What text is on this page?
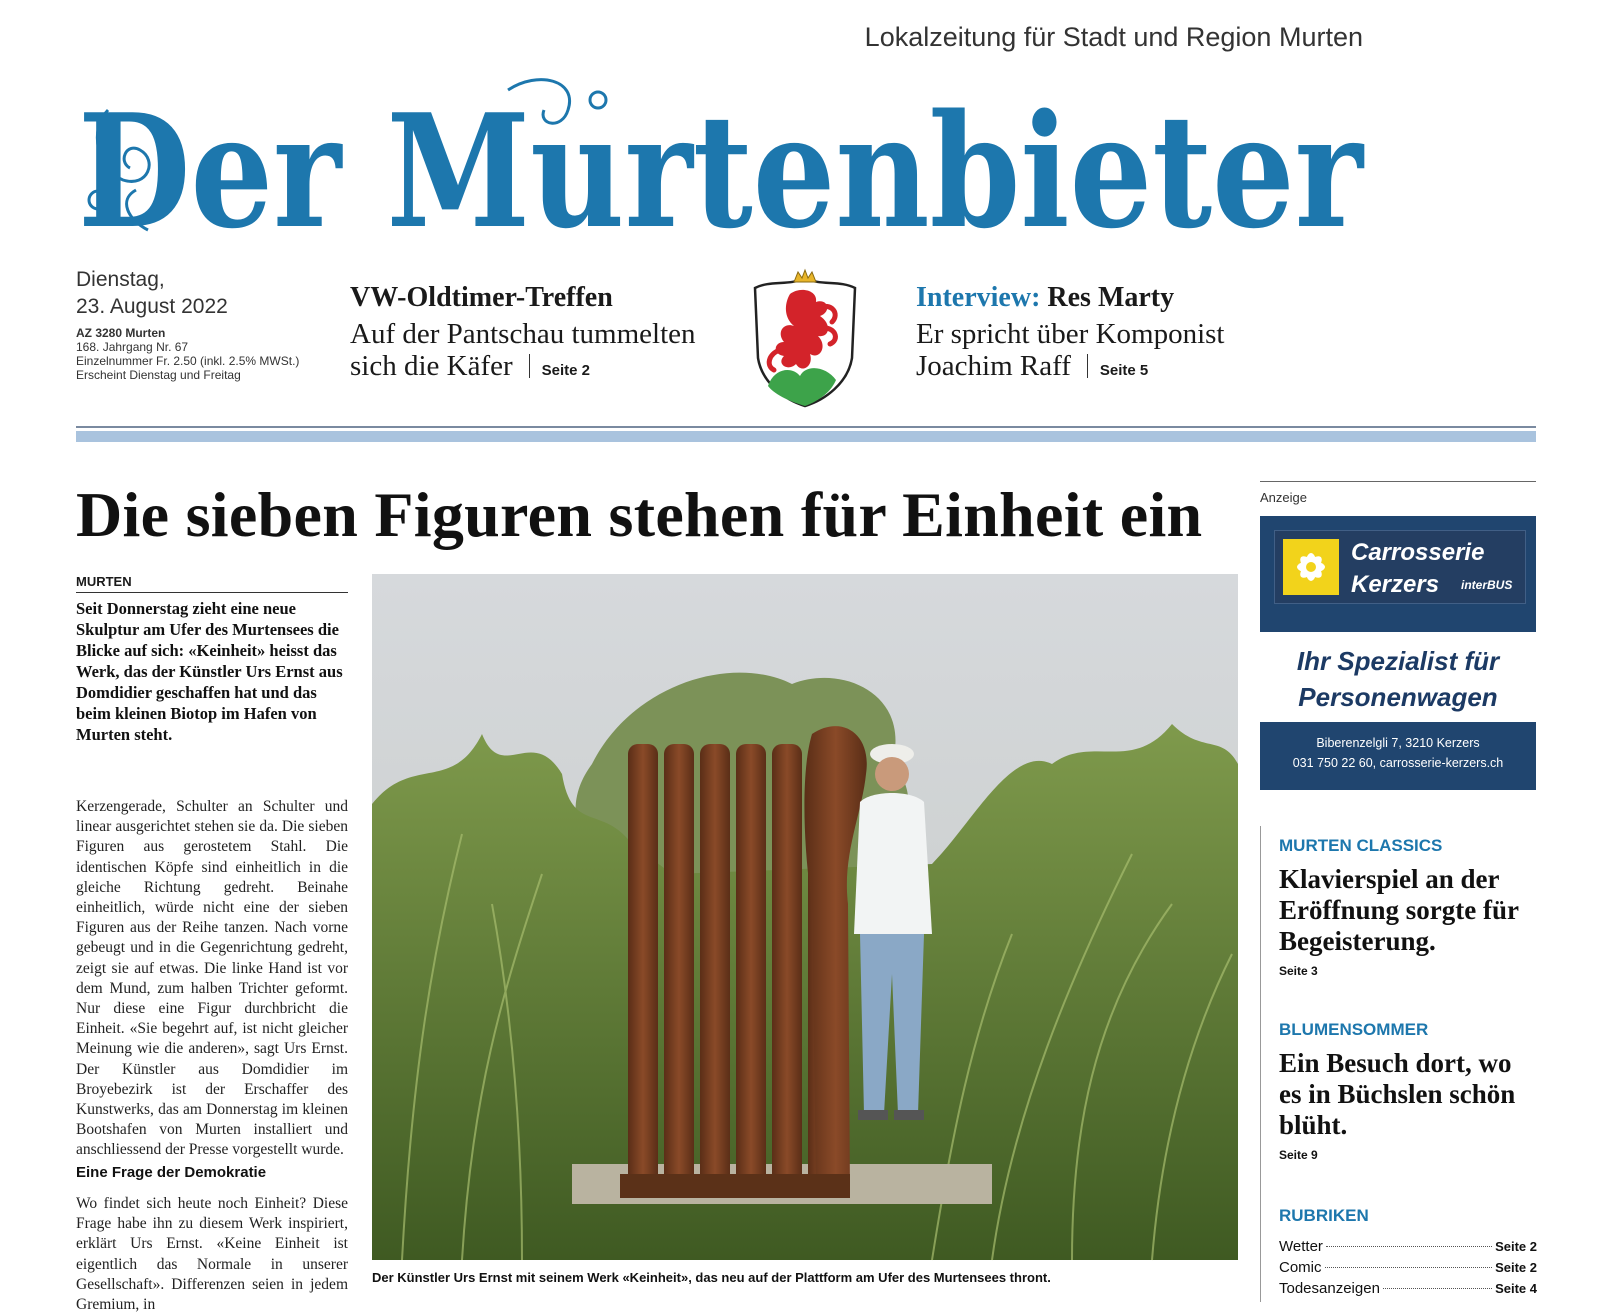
Lokalzeitung für Stadt und Region Murten
Der Murtenbieter
Dienstag,
23. August 2022
AZ 3280 Murten
168. Jahrgang Nr. 67
Einzelnummer Fr. 2.50 (inkl. 2.5% MWSt.)
Erscheint Dienstag und Freitag
VW-Oldtimer-Treffen
Auf der Pantschau tummelten
sich die Käfer Seite 2
Interview: Res Marty
Er spricht über Komponist
Joachim Raff Seite 5
Die sieben Figuren stehen für Einheit ein
MURTEN
Seit Donnerstag zieht eine neue Skulptur am Ufer des Murtensees die Blicke auf sich: «Keinheit» heisst das Werk, das der Künstler Urs Ernst aus Domdidier geschaffen hat und das beim kleinen Biotop im Hafen von Murten steht.
Kerzengerade, Schulter an Schulter und linear ausgerichtet stehen sie da. Die sieben Figuren aus gerostetem Stahl. Die identischen Köpfe sind einheitlich in die gleiche Richtung gedreht. Beinahe einheitlich, würde nicht eine der sieben Figuren aus der Reihe tanzen. Nach vorne gebeugt und in die Gegenrichtung gedreht, zeigt sie auf etwas. Die linke Hand ist vor dem Mund, zum halben Trichter geformt. Nur diese eine Figur durchbricht die Einheit. «Sie begehrt auf, ist nicht gleicher Meinung wie die anderen», sagt Urs Ernst. Der Künstler aus Domdidier im Broyebezirk ist der Erschaffer des Kunstwerks, das am Donnerstag im kleinen Bootshafen von Murten installiert und anschliessend der Presse vorgestellt wurde.
Eine Frage der Demokratie
Wo findet sich heute noch Einheit? Diese Frage habe ihn zu diesem Werk inspiriert, erklärt Urs Ernst. «Keine Einheit ist eigentlich das Normale in unserer Gesellschaft». Differenzen seien in jedem Gremium, in
Der Künstler Urs Ernst mit seinem Werk «Keinheit», das neu auf der Plattform am Ufer des Murtensees thront.
Anzeige
Carrosserie
Kerzers interBUS
Ihr Spezialist für
Personenwagen
Biberenzelgli 7, 3210 Kerzers
031 750 22 60, carrosserie-kerzers.ch
MURTEN CLASSICS
Klavierspiel an der Eröffnung sorgte für Begeisterung.
Seite 3
BLUMENSOMMER
Ein Besuch dort, wo es in Büchslen schön blüht.
Seite 9
RUBRIKEN
Wetter	Seite 2
Comic	Seite 2
Todesanzeigen	Seite 4
